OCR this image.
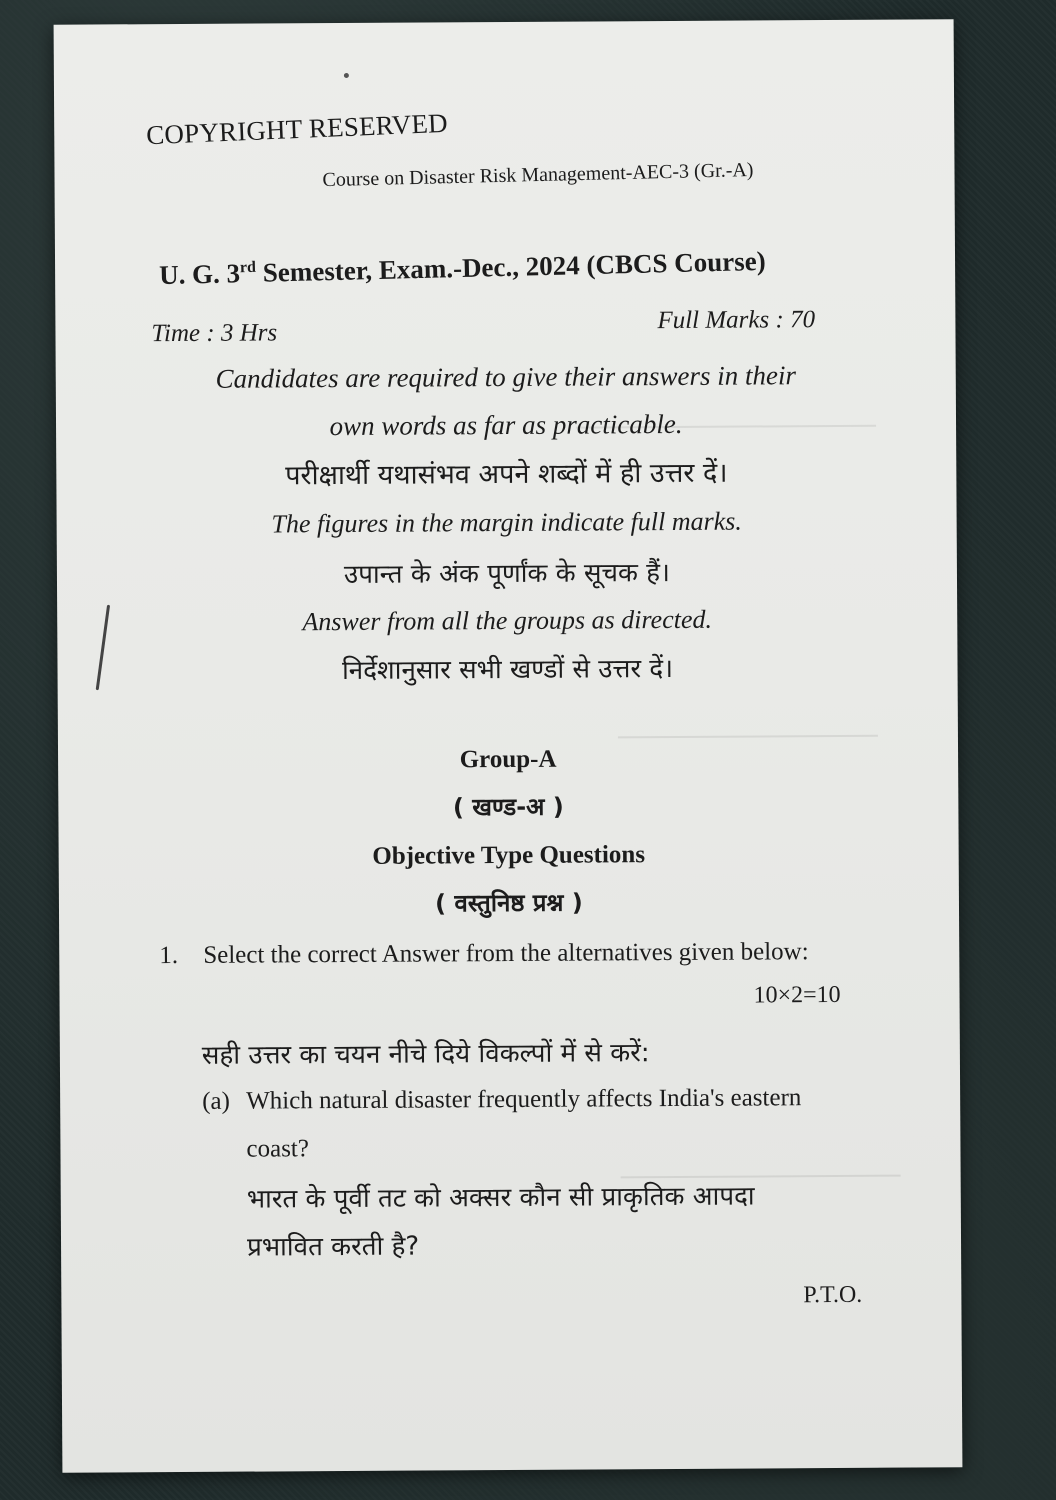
COPYRIGHT RESERVED
Course on Disaster Risk Management-AEC-3 (Gr.-A)
U. G. 3rd Semester, Exam.-Dec., 2024 (CBCS Course)
Time : 3 Hrs	Full Marks : 70
Candidates are required to give their answers in their
own words as far as practicable.
परीक्षार्थी यथासंभव अपने शब्दों में ही उत्तर दें।
The figures in the margin indicate full marks.
उपान्त के अंक पूर्णांक के सूचक हैं।
Answer from all the groups as directed.
निर्देशानुसार सभी खण्डों से उत्तर दें।
Group-A
( खण्ड-अ )
Objective Type Questions
( वस्तुनिष्ठ प्रश्न )
1. Select the correct Answer from the alternatives given below:
10×2=10
सही उत्तर का चयन नीचे दिये विकल्पों में से करें:
(a) Which natural disaster frequently affects India's eastern
coast?
भारत के पूर्वी तट को अक्सर कौन सी प्राकृतिक आपदा
प्रभावित करती है?
P.T.O.
